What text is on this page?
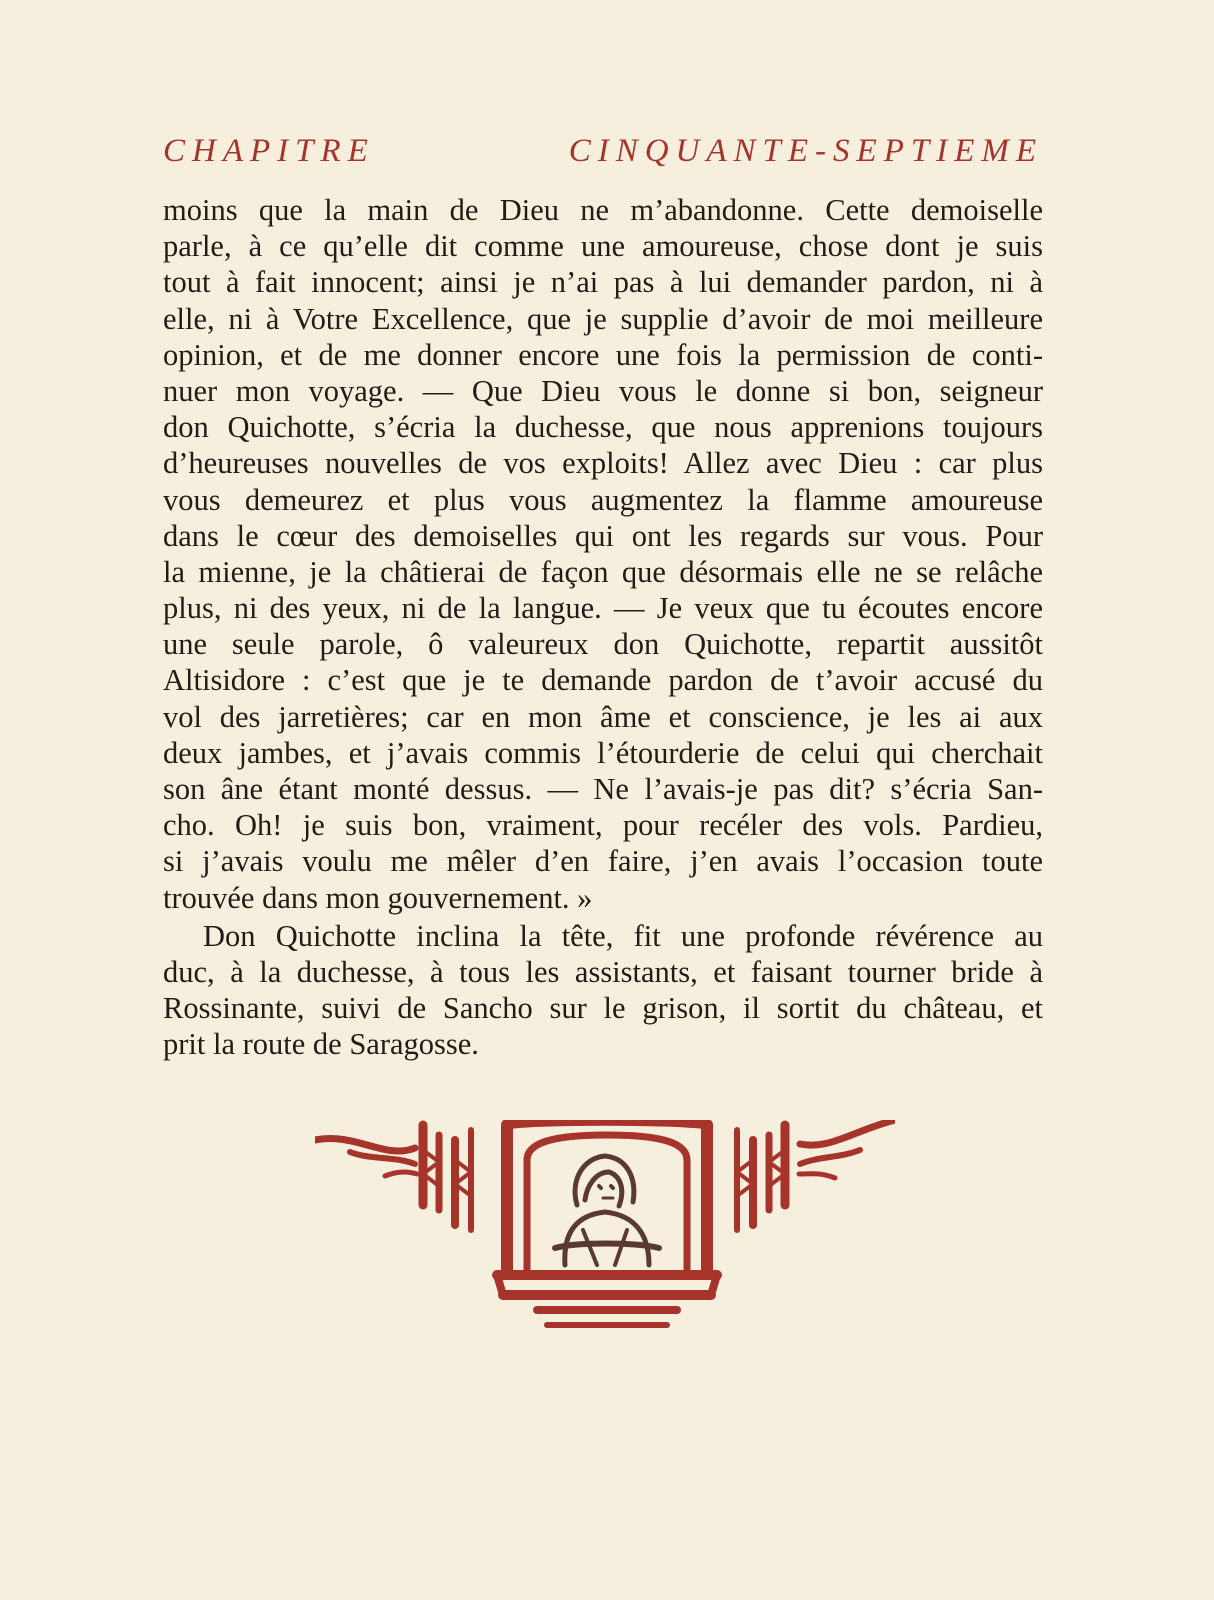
CHAPITRE	CINQUANTE-SEPTIEME
moins que la main de Dieu ne m’abandonne. Cette demoiselle
parle, à ce qu’elle dit comme une amoureuse, chose dont je suis
tout à fait innocent; ainsi je n’ai pas à lui demander pardon, ni à
elle, ni à Votre Excellence, que je supplie d’avoir de moi meilleure
opinion, et de me donner encore une fois la permission de conti-
nuer mon voyage. — Que Dieu vous le donne si bon, seigneur
don Quichotte, s’écria la duchesse, que nous apprenions toujours
d’heureuses nouvelles de vos exploits! Allez avec Dieu : car plus
vous demeurez et plus vous augmentez la flamme amoureuse
dans le cœur des demoiselles qui ont les regards sur vous. Pour
la mienne, je la châtierai de façon que désormais elle ne se relâche
plus, ni des yeux, ni de la langue. — Je veux que tu écoutes encore
une seule parole, ô valeureux don Quichotte, repartit aussitôt
Altisidore : c’est que je te demande pardon de t’avoir accusé du
vol des jarretières; car en mon âme et conscience, je les ai aux
deux jambes, et j’avais commis l’étourderie de celui qui cherchait
son âne étant monté dessus. — Ne l’avais-je pas dit? s’écria San-
cho. Oh! je suis bon, vraiment, pour recéler des vols. Pardieu,
si j’avais voulu me mêler d’en faire, j’en avais l’occasion toute
trouvée dans mon gouvernement. »
Don Quichotte inclina la tête, fit une profonde révérence au
duc, à la duchesse, à tous les assistants, et faisant tourner bride à
Rossinante, suivi de Sancho sur le grison, il sortit du château, et
prit la route de Saragosse.
